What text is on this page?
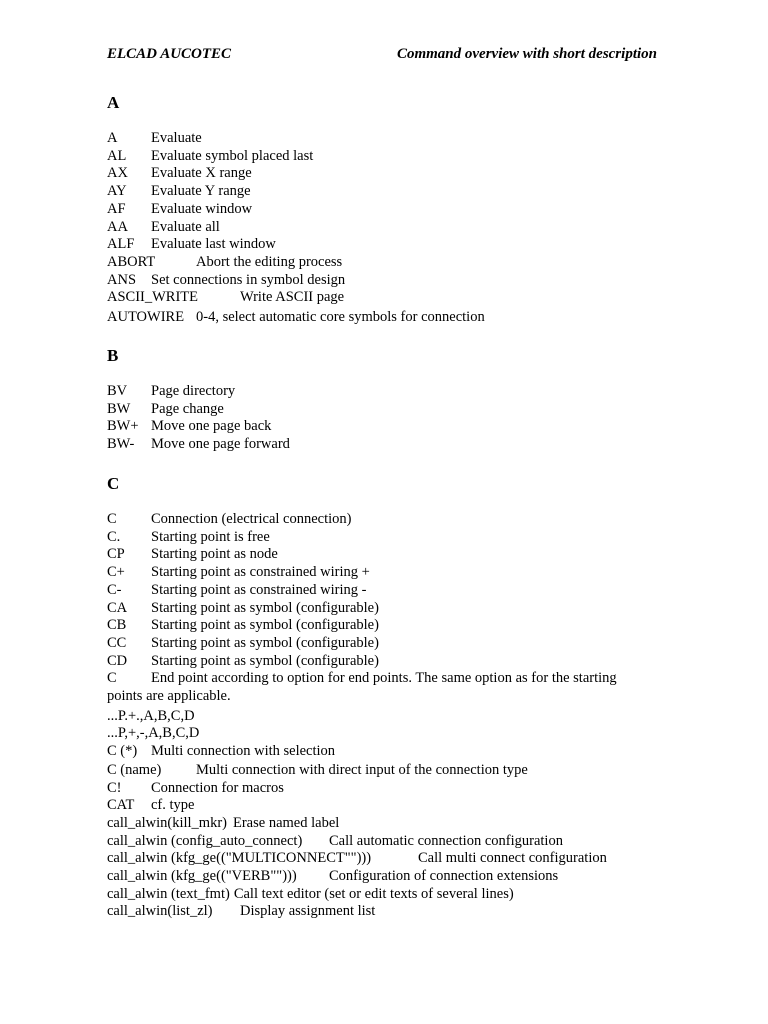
ELCAD AUCOTEC	Command overview with short description
A
A Evaluate
AL Evaluate symbol placed last
AX Evaluate X range
AY Evaluate Y range
AF Evaluate window
AA Evaluate all
ALF Evaluate last window
ABORT	Abort the editing process
ANS Set connections in symbol design
ASCII_WRITE	Write ASCII page
AUTOWIRE 0-4, select automatic core symbols for connection
B
BV Page directory
BW Page change
BW+ Move one page back
BW- Move one page forward
C
C Connection (electrical connection)
C. Starting point is free
CP Starting point as node
C+ Starting point as constrained wiring +
C- Starting point as constrained wiring -
CA Starting point as symbol (configurable)
CB Starting point as symbol (configurable)
CC Starting point as symbol (configurable)
CD Starting point as symbol (configurable)
C End point according to option for end points. The same option as for the starting points are applicable.
...P.+.,A,B,C,D
...P,+,-,A,B,C,D
C (*) Multi connection with selection
C (name) Multi connection with direct input of the connection type
C! Connection for macros
CAT cf. type
call_alwin(kill_mkr) Erase named label
call_alwin (config_auto_connect) Call automatic connection configuration
call_alwin (kfg_ge(("MULTICONNECT"")))	Call multi connect configuration
call_alwin (kfg_ge(("VERB""))) Configuration of connection extensions
call_alwin (text_fmt) Call text editor (set or edit texts of several lines)
call_alwin(list_zl) Display assignment list
